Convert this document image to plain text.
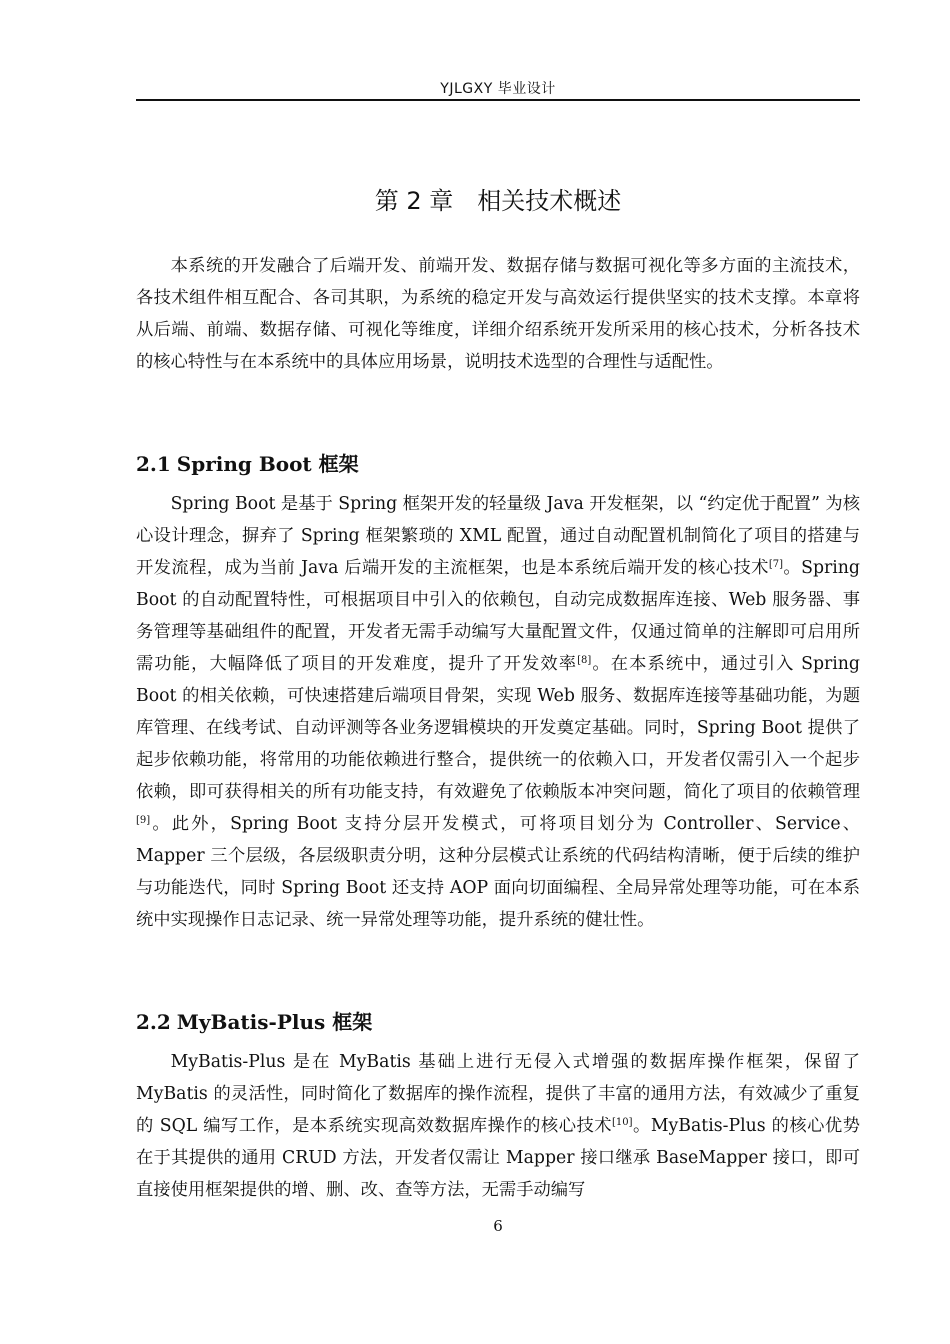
YJLGXY 毕业设计
第 2 章　相关技术概述

本系统的开发融合了后端开发、前端开发、数据存储与数据可视化等多方面的主流技术，各技术组件相互配合、各司其职，为系统的稳定开发与高效运行提供坚实的技术支撑。本章将从后端、前端、数据存储、可视化等维度，详细介绍系统开发所采用的核心技术，分析各技术的核心特性与在本系统中的具体应用场景，说明技术选型的合理性与适配性。

2.1 Spring Boot 框架

Spring Boot 是基于 Spring 框架开发的轻量级 Java 开发框架，以 “约定优于配置” 为核心设计理念，摒弃了 Spring 框架繁琐的 XML 配置，通过自动配置机制简化了项目的搭建与开发流程，成为当前 Java 后端开发的主流框架，也是本系统后端开发的核心技术[7]。Spring Boot 的自动配置特性，可根据项目中引入的依赖包，自动完成数据库连接、Web 服务器、事务管理等基础组件的配置，开发者无需手动编写大量配置文件，仅通过简单的注解即可启用所需功能，大幅降低了项目的开发难度，提升了开发效率[8]。在本系统中，通过引入 Spring Boot 的相关依赖，可快速搭建后端项目骨架，实现 Web 服务、数据库连接等基础功能，为题库管理、在线考试、自动评测等各业务逻辑模块的开发奠定基础。同时，Spring Boot 提供了起步依赖功能，将常用的功能依赖进行整合，提供统一的依赖入口，开发者仅需引入一个起步依赖，即可获得相关的所有功能支持，有效避免了依赖版本冲突问题，简化了项目的依赖管理[9]。此外，Spring Boot 支持分层开发模式，可将项目划分为 Controller、Service、Mapper 三个层级，各层级职责分明，这种分层模式让系统的代码结构清晰，便于后续的维护与功能迭代，同时 Spring Boot 还支持 AOP 面向切面编程、全局异常处理等功能，可在本系统中实现操作日志记录、统一异常处理等功能，提升系统的健壮性。

2.2 MyBatis-Plus 框架

MyBatis-Plus 是在 MyBatis 基础上进行无侵入式增强的数据库操作框架，保留了 MyBatis 的灵活性，同时简化了数据库的操作流程，提供了丰富的通用方法，有效减少了重复的 SQL 编写工作，是本系统实现高效数据库操作的核心技术[10]。MyBatis-Plus 的核心优势在于其提供的通用 CRUD 方法，开发者仅需让 Mapper 接口继承 BaseMapper 接口，即可直接使用框架提供的增、删、改、查等方法，无需手动编写

6
